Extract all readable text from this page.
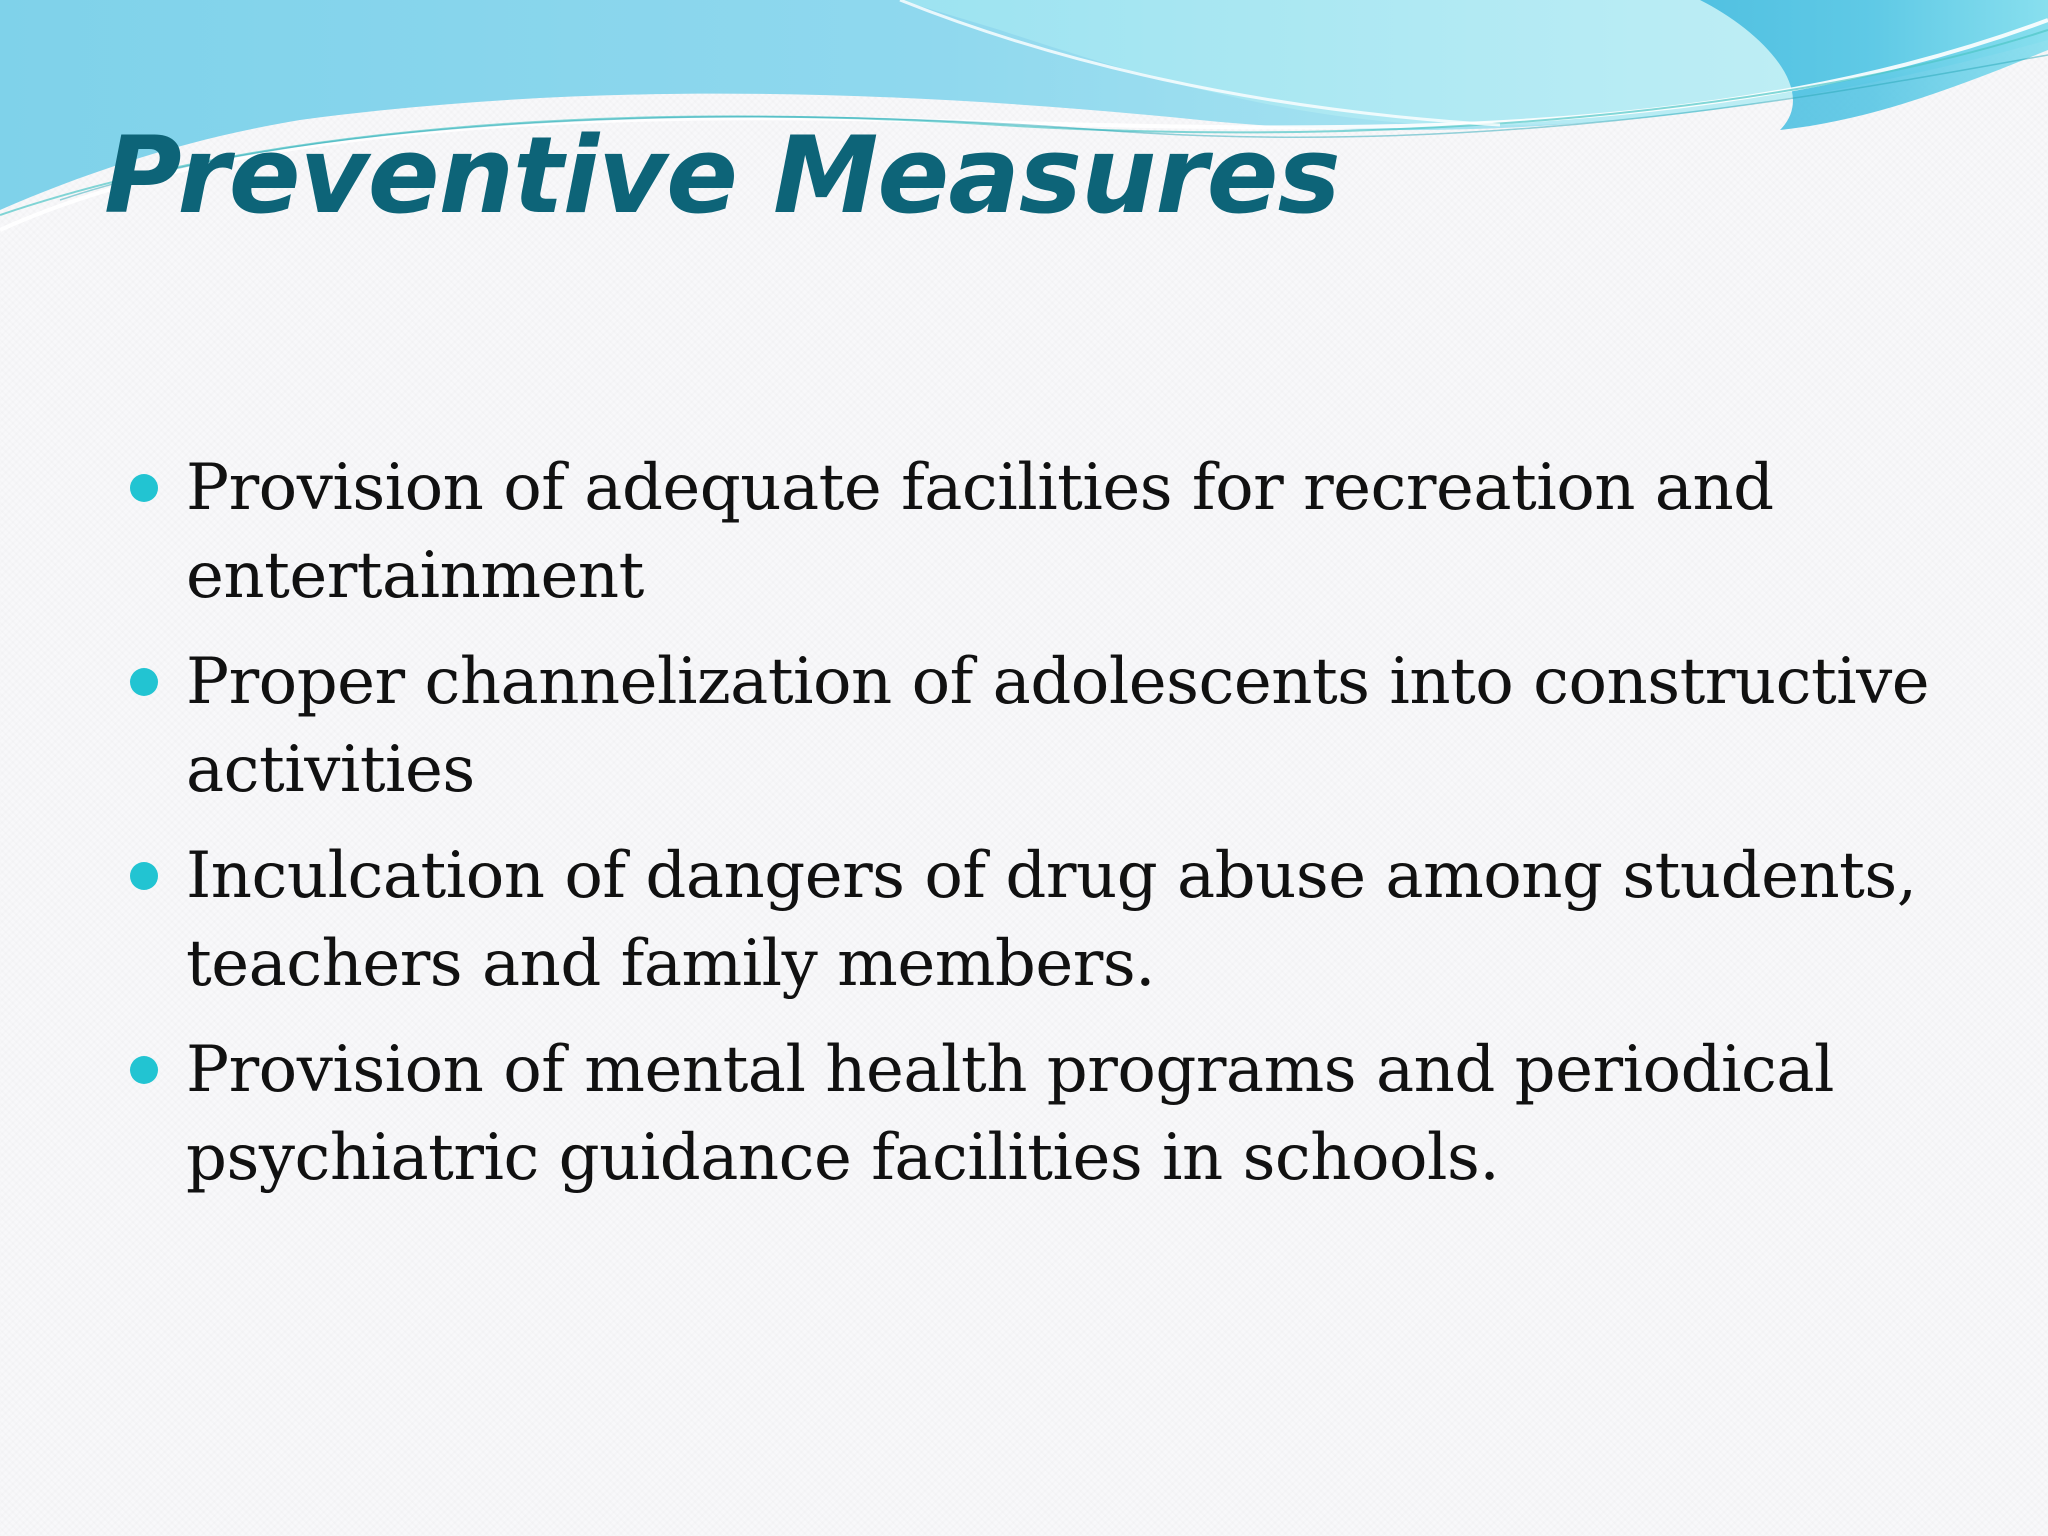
Preventive Measures
Provision of adequate facilities for recreation and
entertainment
Proper channelization of adolescents into constructive
activities
Inculcation of dangers of drug abuse among students,
teachers and family members.
Provision of mental health programs and periodical
psychiatric guidance facilities in schools.
